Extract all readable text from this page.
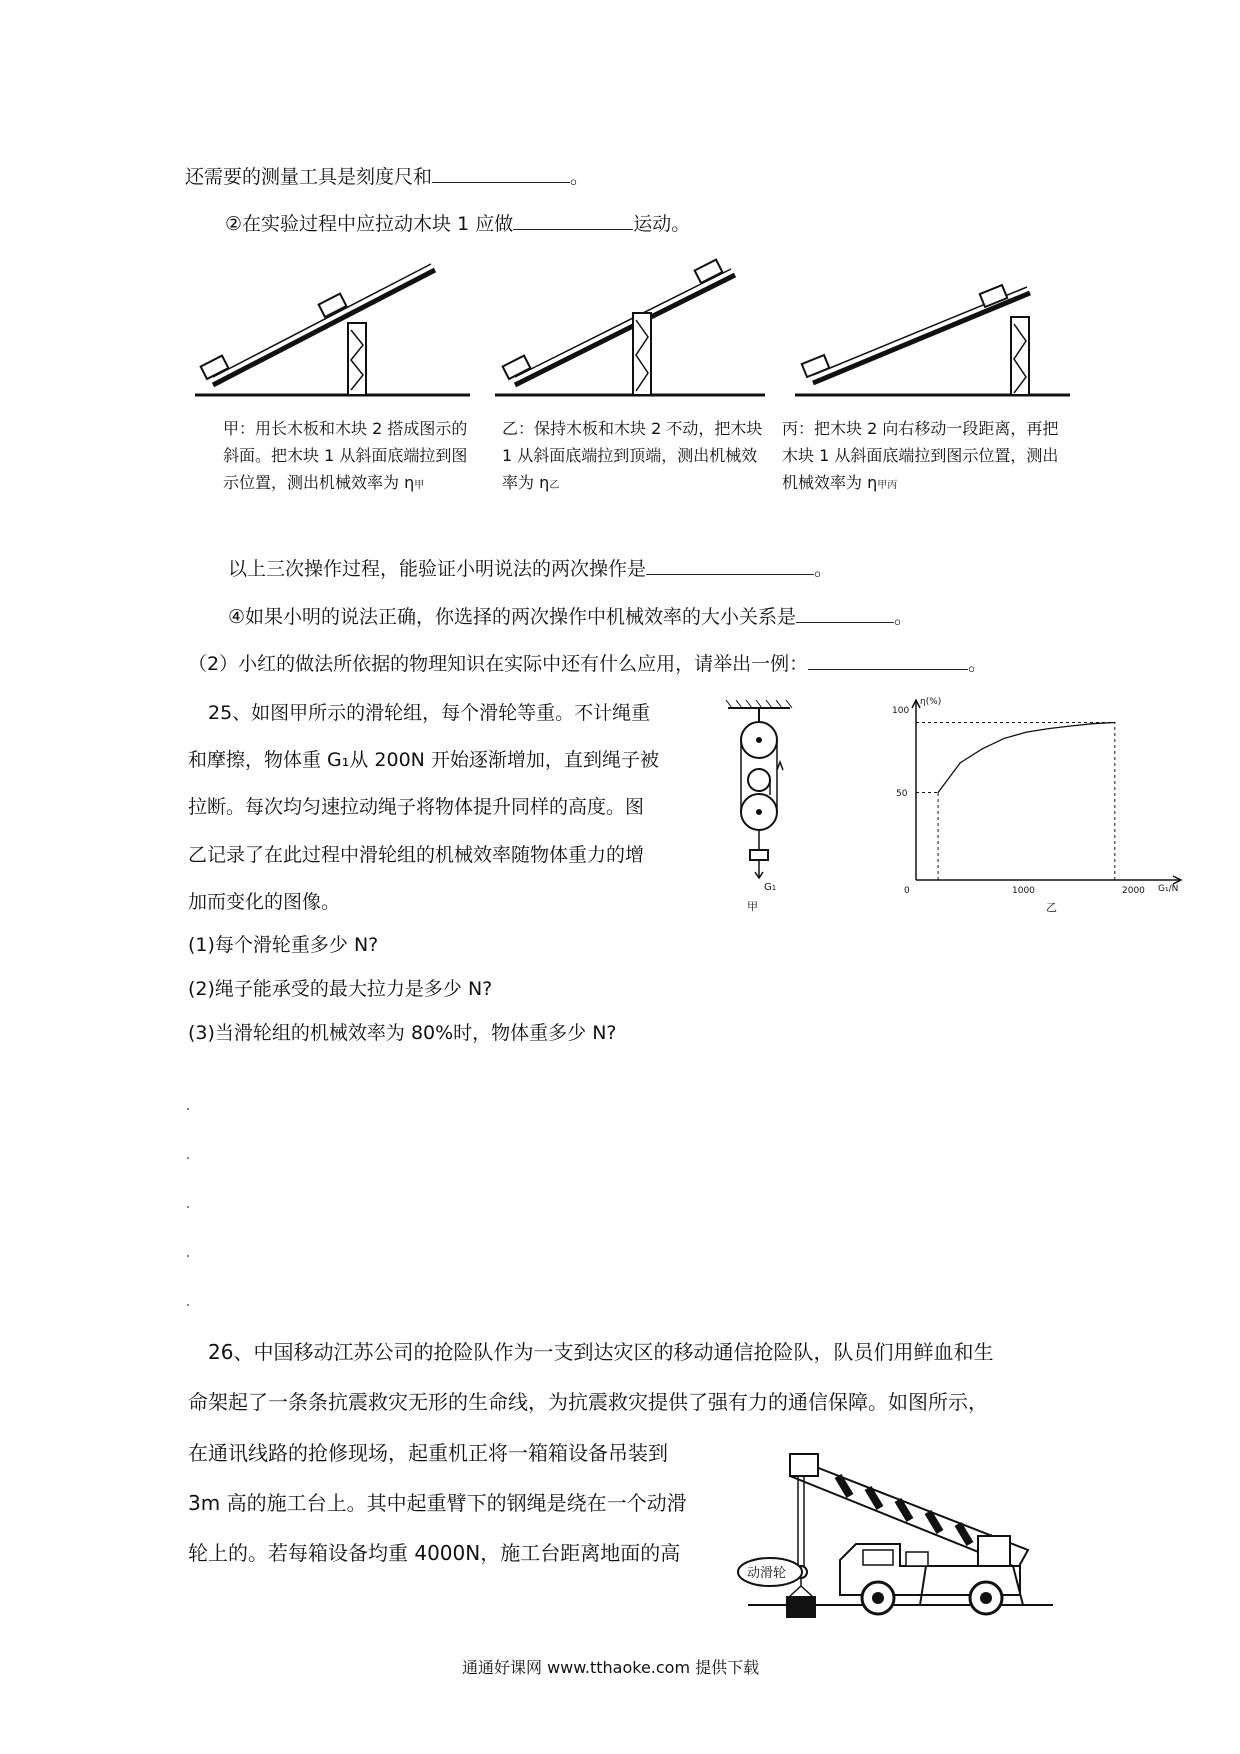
还需要的测量工具是刻度尺和	。
②在实验过程中应拉动木块 1 应做	运动。
甲：用长木板和木块 2 搭成图示的斜面。把木块 1 从斜面底端拉到图示位置，测出机械效率为 η甲
乙：保持木板和木块 2 不动，把木块 1 从斜面底端拉到顶端，测出机械效率为 η乙
丙：把木块 2 向右移动一段距离，再把木块 1 从斜面底端拉到图示位置，测出机械效率为 η甲丙
以上三次操作过程，能验证小明说法的两次操作是	。
④如果小明的说法正确，你选择的两次操作中机械效率的大小关系是	。
（2）小红的做法所依据的物理知识在实际中还有什么应用，请举出一例：	。
25、如图甲所示的滑轮组，每个滑轮等重。不计绳重
和摩擦，物体重 G₁从 200N 开始逐渐增加，直到绳子被
拉断。每次均匀速拉动绳子将物体提升同样的高度。图
乙记录了在此过程中滑轮组的机械效率随物体重力的增
加而变化的图像。
(1)每个滑轮重多少 N?
(2)绳子能承受的最大拉力是多少 N?
(3)当滑轮组的机械效率为 80%时，物体重多少 N?
G1
甲
η(%)
G₁/N
100
50
0	1000	2000
乙
26、中国移动江苏公司的抢险队作为一支到达灾区的移动通信抢险队，队员们用鲜血和生
命架起了一条条抗震救灾无形的生命线，为抗震救灾提供了强有力的通信保障。如图所示，
在通讯线路的抢修现场，起重机正将一箱箱设备吊装到
3m 高的施工台上。其中起重臂下的钢绳是绕在一个动滑
轮上的。若每箱设备均重 4000N，施工台距离地面的高
动滑轮
通通好课网 www.tthaoke.com 提供下载
